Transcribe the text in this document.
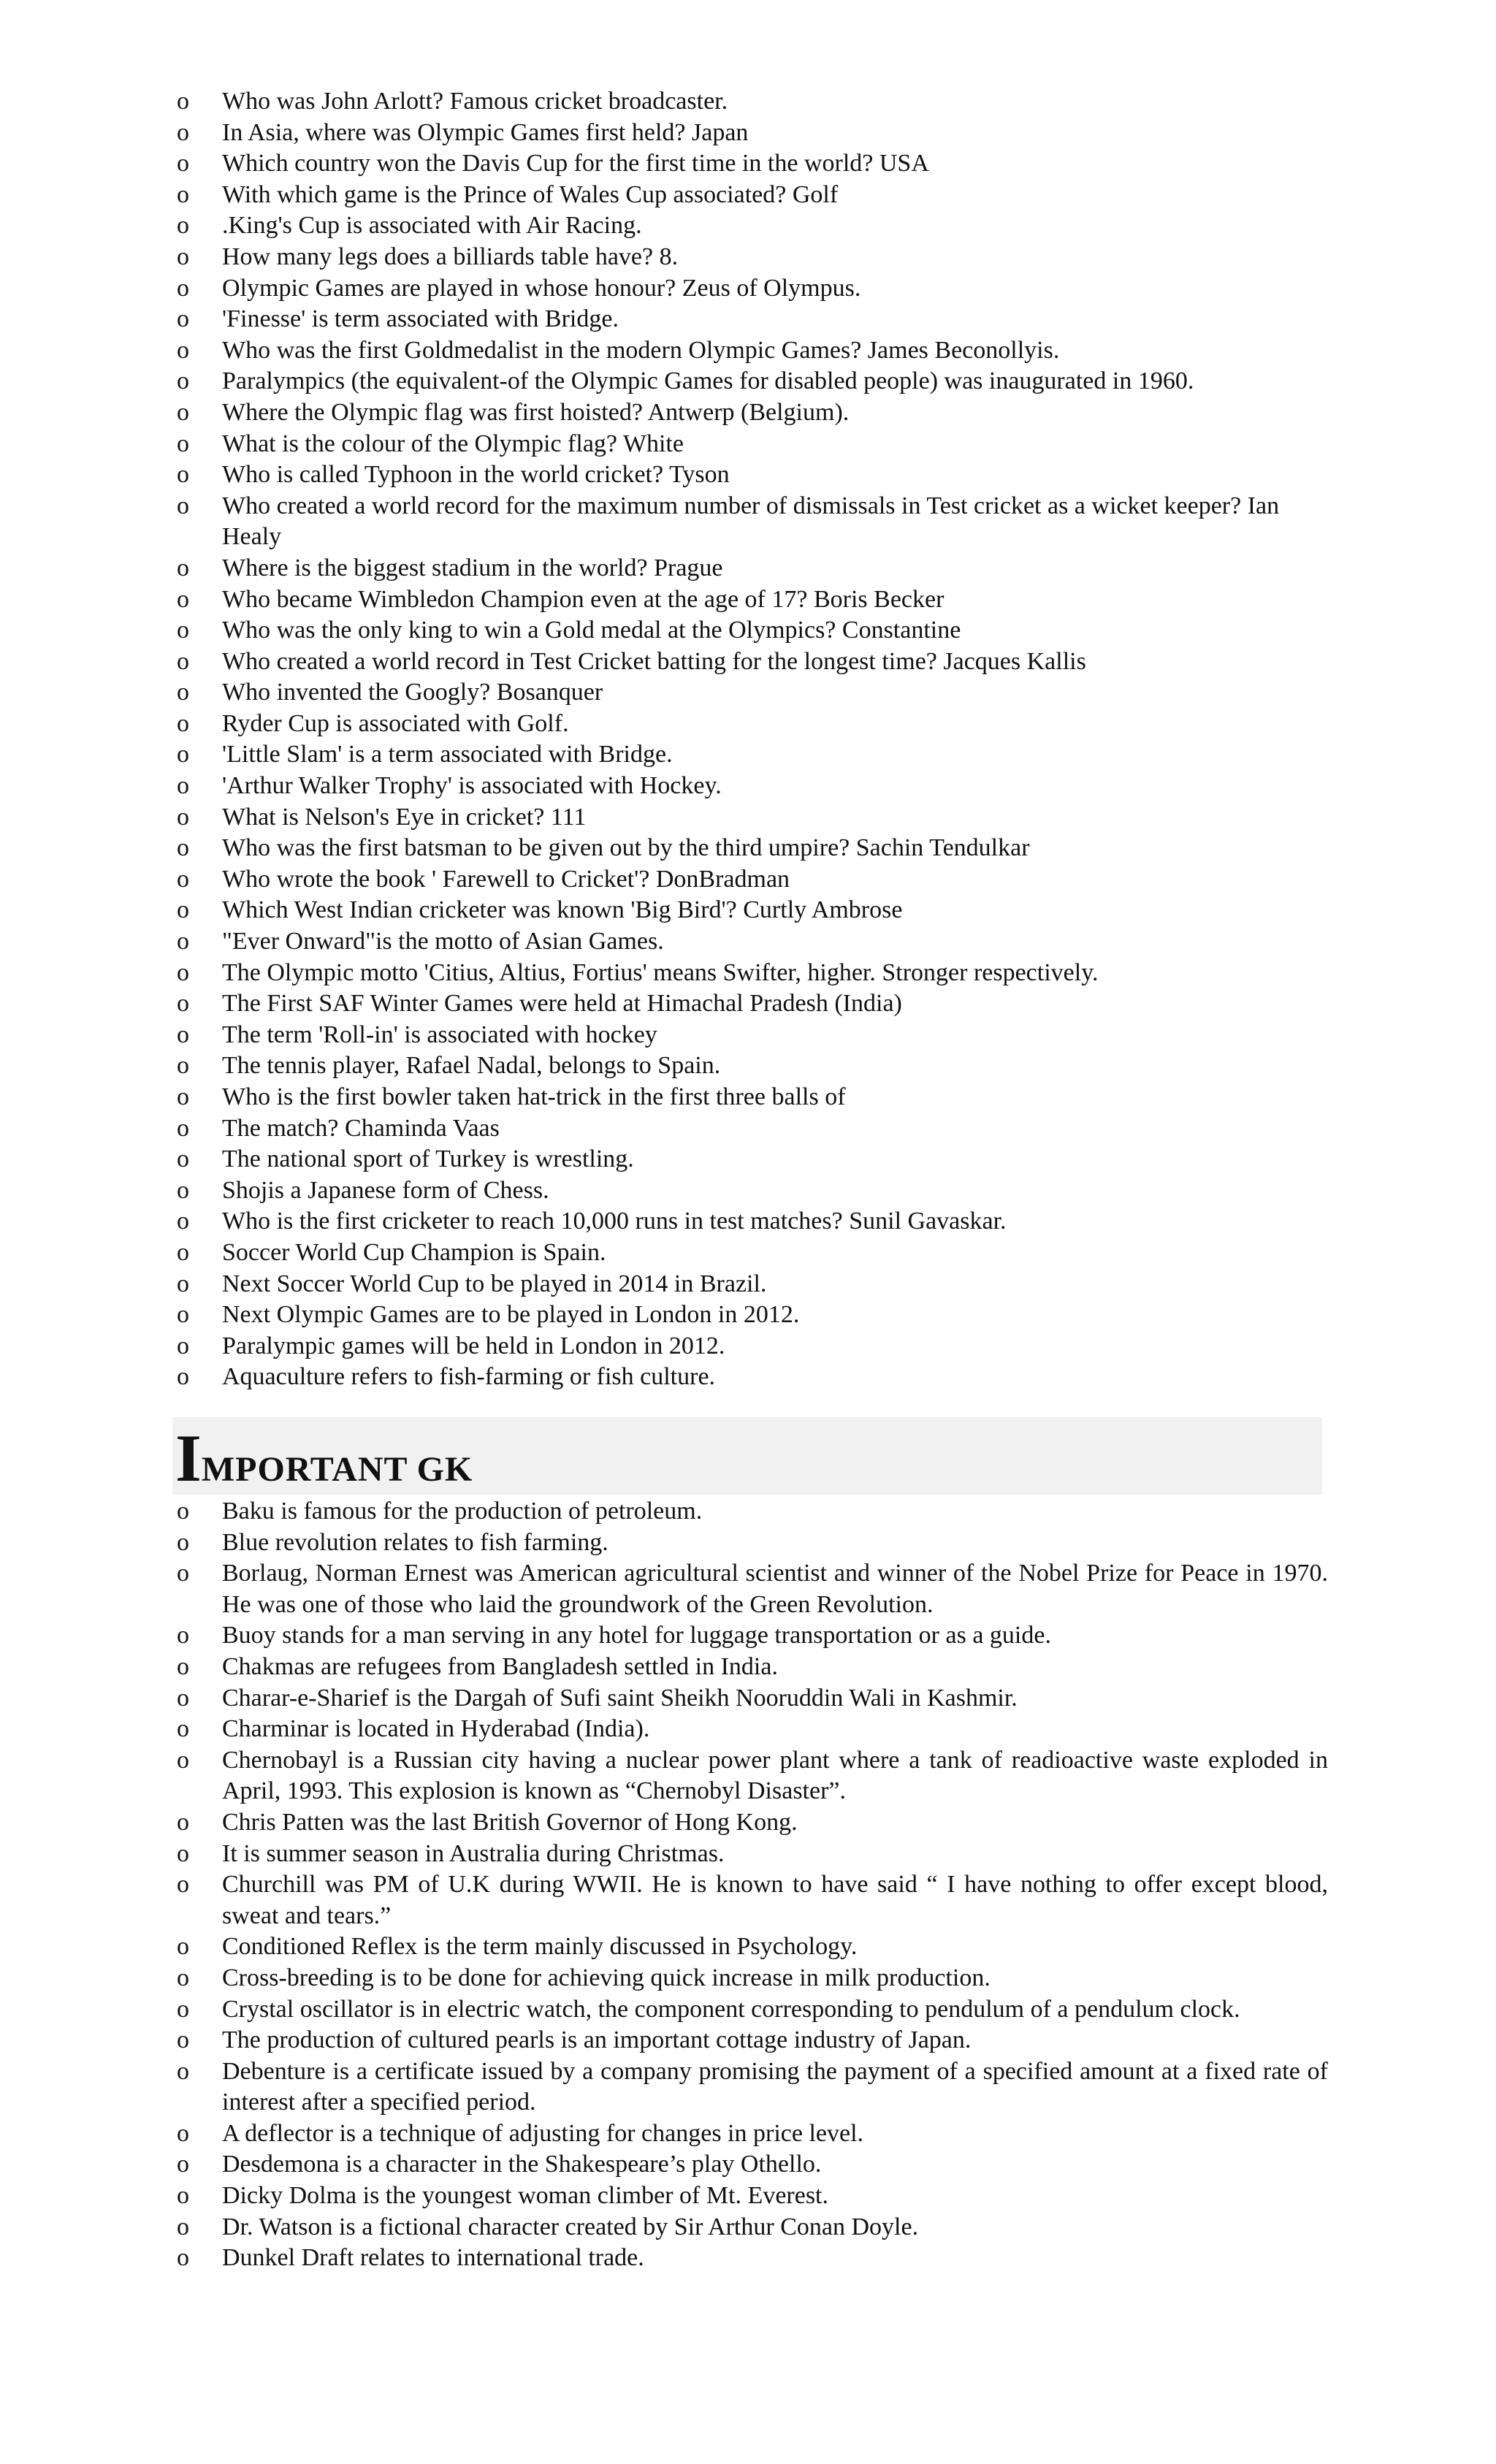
o Who was John Arlott? Famous cricket broadcaster.
o In Asia, where was Olympic Games first held? Japan
o Which country won the Davis Cup for the first time in the world? USA
o With which game is the Prince of Wales Cup associated? Golf
o .King's Cup is associated with Air Racing.
o How many legs does a billiards table have? 8.
o Olympic Games are played in whose honour? Zeus of Olympus.
o 'Finesse' is term associated with Bridge.
o Who was the first Goldmedalist in the modern Olympic Games? James Beconollyis.
o Paralympics (the equivalent-of the Olympic Games for disabled people) was inaugurated in 1960.
o Where the Olympic flag was first hoisted? Antwerp (Belgium).
o What is the colour of the Olympic flag? White
o Who is called Typhoon in the world cricket? Tyson
o Who created a world record for the maximum number of dismissals in Test cricket as a wicket keeper? Ian Healy
o Where is the biggest stadium in the world? Prague
o Who became Wimbledon Champion even at the age of 17? Boris Becker
o Who was the only king to win a Gold medal at the Olympics? Constantine
o Who created a world record in Test Cricket batting for the longest time? Jacques Kallis
o Who invented the Googly? Bosanquer
o Ryder Cup is associated with Golf.
o 'Little Slam' is a term associated with Bridge.
o 'Arthur Walker Trophy' is associated with Hockey.
o What is Nelson's Eye in cricket? 111
o Who was the first batsman to be given out by the third umpire? Sachin Tendulkar
o Who wrote the book ' Farewell to Cricket'? DonBradman
o Which West Indian cricketer was known 'Big Bird'? Curtly Ambrose
o "Ever Onward"is the motto of Asian Games.
o The Olympic motto 'Citius, Altius, Fortius' means Swifter, higher. Stronger respectively.
o The First SAF Winter Games were held at Himachal Pradesh (India)
o The term 'Roll-in' is associated with hockey
o The tennis player, Rafael Nadal, belongs to Spain.
o Who is the first bowler taken hat-trick in the first three balls of
o The match? Chaminda Vaas
o The national sport of Turkey is wrestling.
o Shojis a Japanese form of Chess.
o Who is the first cricketer to reach 10,000 runs in test matches? Sunil Gavaskar.
o Soccer World Cup Champion is Spain.
o Next Soccer World Cup to be played in 2014 in Brazil.
o Next Olympic Games are to be played in London in 2012.
o Paralympic games will be held in London in 2012.
o Aquaculture refers to fish-farming or fish culture.
IMPORTANT GK
o Baku is famous for the production of petroleum.
o Blue revolution relates to fish farming.
o Borlaug, Norman Ernest was American agricultural scientist and winner of the Nobel Prize for Peace in 1970. He was one of those who laid the groundwork of the Green Revolution.
o Buoy stands for a man serving in any hotel for luggage transportation or as a guide.
o Chakmas are refugees from Bangladesh settled in India.
o Charar-e-Sharief is the Dargah of Sufi saint Sheikh Nooruddin Wali in Kashmir.
o Charminar is located in Hyderabad (India).
o Chernobayl is a Russian city having a nuclear power plant where a tank of readioactive waste exploded in April, 1993. This explosion is known as “Chernobyl Disaster”.
o Chris Patten was the last British Governor of Hong Kong.
o It is summer season in Australia during Christmas.
o Churchill was PM of U.K during WWII. He is known to have said “ I have nothing to offer except blood, sweat and tears.”
o Conditioned Reflex is the term mainly discussed in Psychology.
o Cross-breeding is to be done for achieving quick increase in milk production.
o Crystal oscillator is in electric watch, the component corresponding to pendulum of a pendulum clock.
o The production of cultured pearls is an important cottage industry of Japan.
o Debenture is a certificate issued by a company promising the payment of a specified amount at a fixed rate of interest after a specified period.
o A deflector is a technique of adjusting for changes in price level.
o Desdemona is a character in the Shakespeare’s play Othello.
o Dicky Dolma is the youngest woman climber of Mt. Everest.
o Dr. Watson is a fictional character created by Sir Arthur Conan Doyle.
o Dunkel Draft relates to international trade.
